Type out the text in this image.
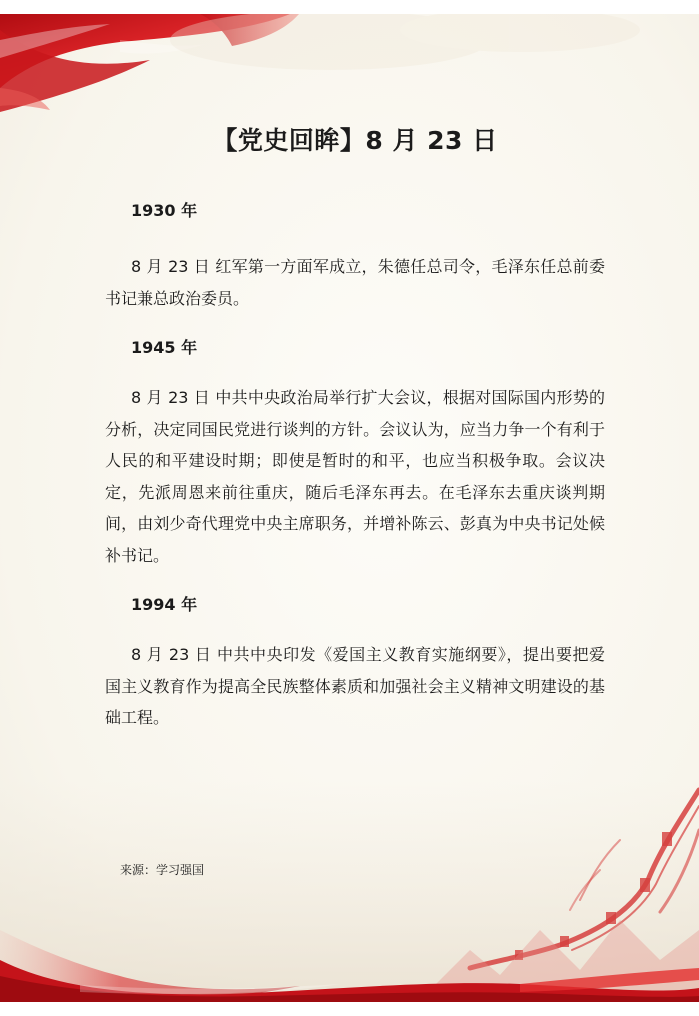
【党史回眸】8 月 23 日

1930 年

8 月 23 日 红军第一方面军成立，朱德任总司令，毛泽东任总前委书记兼总政治委员。

1945 年

8 月 23 日 中共中央政治局举行扩大会议，根据对国际国内形势的分析，决定同国民党进行谈判的方针。会议认为，应当力争一个有利于人民的和平建设时期；即使是暂时的和平，也应当积极争取。会议决定，先派周恩来前往重庆，随后毛泽东再去。在毛泽东去重庆谈判期间，由刘少奇代理党中央主席职务，并增补陈云、彭真为中央书记处候补书记。

1994 年

8 月 23 日 中共中央印发《爱国主义教育实施纲要》，提出要把爱国主义教育作为提高全民族整体素质和加强社会主义精神文明建设的基础工程。

来源：学习强国
